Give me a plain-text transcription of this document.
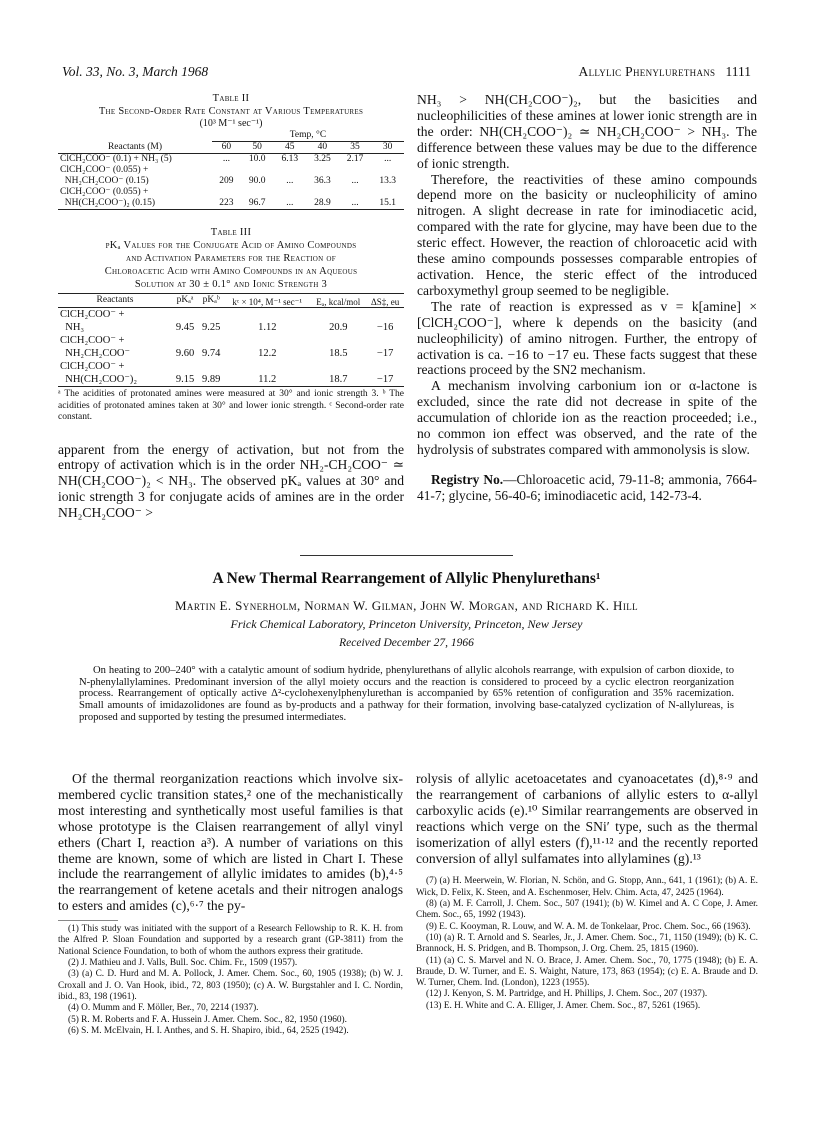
Vol. 33, No. 3, March 1968	Allylic Phenylurethans 1111
Table II
The Second-Order Rate Constant at Various Temperatures
(10³ M⁻¹ sec⁻¹)
	Temp, °C					
Reactants (M)	60	50	45	40	35	30
ClCH₂COO⁻ (0.1) + NH₃ (5)	...	10.0	6.13	3.25	2.17	...
ClCH₂COO⁻ (0.055) +
NH₂CH₂COO⁻ (0.15)	209	90.0	...	36.3	...	13.3
ClCH₂COO⁻ (0.055) +
NH(CH₂COO⁻)₂ (0.15)	223	96.7	...	28.9	...	15.1
Table III
pKₐ Values for the Conjugate Acid of Amino Compounds
and Activation Parameters for the Reaction of
Chloroacetic Acid with Amino Compounds in an Aqueous
Solution at 30 ± 0.1° and Ionic Strength 3
Reactants	pKₐᵃ	pKₐᵇ	kᶜ × 10⁴, M⁻¹ sec⁻¹	Eₐ, kcal/mol	ΔS‡, eu
ClCH₂COO⁻ +
NH₃	9.45	9.25	1.12	20.9	−16
ClCH₂COO⁻ +
NH₂CH₂COO⁻	9.60	9.74	12.2	18.5	−17
ClCH₂COO⁻ +
NH(CH₂COO⁻)₂	9.15	9.89	11.2	18.7	−17
ᵃ The acidities of protonated amines were measured at 30° and ionic strength 3. ᵇ The acidities of protonated amines taken at 30° and lower ionic strength. ᶜ Second-order rate constant.

apparent from the energy of activation, but not from the entropy of activation which is in the order NH₂-CH₂COO⁻ ≃ NH(CH₂COO⁻)₂ < NH₃. The observed pKₐ values at 30° and ionic strength 3 for conjugate acids of amines are in the order NH₂CH₂COO⁻ >

NH₃ > NH(CH₂COO⁻)₂, but the basicities and nucleophilicities of these amines at lower ionic strength are in the order: NH(CH₂COO⁻)₂ ≃ NH₂CH₂COO⁻ > NH₃. The difference between these values may be due to the difference of ionic strength.

Therefore, the reactivities of these amino compounds depend more on the basicity or nucleophilicity of amino nitrogen. A slight decrease in rate for iminodiacetic acid, compared with the rate for glycine, may have been due to the steric effect. However, the reaction of chloroacetic acid with these amino compounds possesses comparable entropies of activation. Hence, the steric effect of the introduced carboxymethyl group seemed to be negligible.

The rate of reaction is expressed as v = k[amine] × [ClCH₂COO⁻], where k depends on the basicity (and nucleophilicity) of amino nitrogen. Further, the entropy of activation is ca. −16 to −17 eu. These facts suggest that these reactions proceed by the SN2 mechanism.

A mechanism involving carbonium ion or α-lactone is excluded, since the rate did not decrease in spite of the accumulation of chloride ion as the reaction proceeded; i.e., no common ion effect was observed, and the rate of the hydrolysis of substrates compared with ammonolysis is slow.

Registry No.—Chloroacetic acid, 79-11-8; ammonia, 7664-41-7; glycine, 56-40-6; iminodiacetic acid, 142-73-4.
A New Thermal Rearrangement of Allylic Phenylurethans¹
Martin E. Synerholm, Norman W. Gilman, John W. Morgan, and Richard K. Hill
Frick Chemical Laboratory, Princeton University, Princeton, New Jersey
Received December 27, 1966
On heating to 200–240° with a catalytic amount of sodium hydride, phenylurethans of allylic alcohols rearrange, with expulsion of carbon dioxide, to N-phenylallylamines. Predominant inversion of the allyl moiety occurs and the reaction is considered to proceed by a cyclic electron reorganization process. Rearrangement of optically active Δ²-cyclohexenylphenylurethan is accompanied by 65% retention of configuration and 35% racemization. Small amounts of imidazolidones are found as by-products and a pathway for their formation, involving base-catalyzed cyclization of N-allylureas, is proposed and supported by testing the presumed intermediates.

Of the thermal reorganization reactions which involve six-membered cyclic transition states,² one of the mechanistically most interesting and synthetically most useful families is that whose prototype is the Claisen rearrangement of allyl vinyl ethers (Chart I, reaction a³). A number of variations on this theme are known, some of which are listed in Chart I. These include the rearrangement of allylic imidates to amides (b),⁴·⁵ the rearrangement of ketene acetals and their nitrogen analogs to esters and amides (c),⁶·⁷ the py-

(1) This study was initiated with the support of a Research Fellowship to R. K. H. from the Alfred P. Sloan Foundation and supported by a research grant (GP-3811) from the National Science Foundation, to both of whom the authors express their gratitude.
(2) J. Mathieu and J. Valls, Bull. Soc. Chim. Fr., 1509 (1957).
(3) (a) C. D. Hurd and M. A. Pollock, J. Amer. Chem. Soc., 60, 1905 (1938); (b) W. J. Croxall and J. O. Van Hook, ibid., 72, 803 (1950); (c) A. W. Burgstahler and I. C. Nordin, ibid., 83, 198 (1961).
(4) O. Mumm and F. Möller, Ber., 70, 2214 (1937).
(5) R. M. Roberts and F. A. Hussein J. Amer. Chem. Soc., 82, 1950 (1960).
(6) S. M. McElvain, H. I. Anthes, and S. H. Shapiro, ibid., 64, 2525 (1942).

rolysis of allylic acetoacetates and cyanoacetates (d),⁸·⁹ and the rearrangement of carbanions of allylic esters to α-allyl carboxylic acids (e).¹⁰ Similar rearrangements are observed in reactions which verge on the SNi′ type, such as the thermal isomerization of allyl esters (f),¹¹·¹² and the recently reported conversion of allyl sulfamates into allylamines (g).¹³

(7) (a) H. Meerwein, W. Florian, N. Schön, and G. Stopp, Ann., 641, 1 (1961); (b) A. E. Wick, D. Felix, K. Steen, and A. Eschenmoser, Helv. Chim. Acta, 47, 2425 (1964).
(8) (a) M. F. Carroll, J. Chem. Soc., 507 (1941); (b) W. Kimel and A. C Cope, J. Amer. Chem. Soc., 65, 1992 (1943).
(9) E. C. Kooyman, R. Louw, and W. A. M. de Tonkelaar, Proc. Chem. Soc., 66 (1963).
(10) (a) R. T. Arnold and S. Searles, Jr., J. Amer. Chem. Soc., 71, 1150 (1949); (b) K. C. Brannock, H. S. Pridgen, and B. Thompson, J. Org. Chem. 25, 1815 (1960).
(11) (a) C. S. Marvel and N. O. Brace, J. Amer. Chem. Soc., 70, 1775 (1948); (b) E. A. Braude, D. W. Turner, and E. S. Waight, Nature, 173, 863 (1954); (c) E. A. Braude and D. W. Turner, Chem. Ind. (London), 1223 (1955).
(12) J. Kenyon, S. M. Partridge, and H. Phillips, J. Chem. Soc., 207 (1937).
(13) E. H. White and C. A. Elliger, J. Amer. Chem. Soc., 87, 5261 (1965).
